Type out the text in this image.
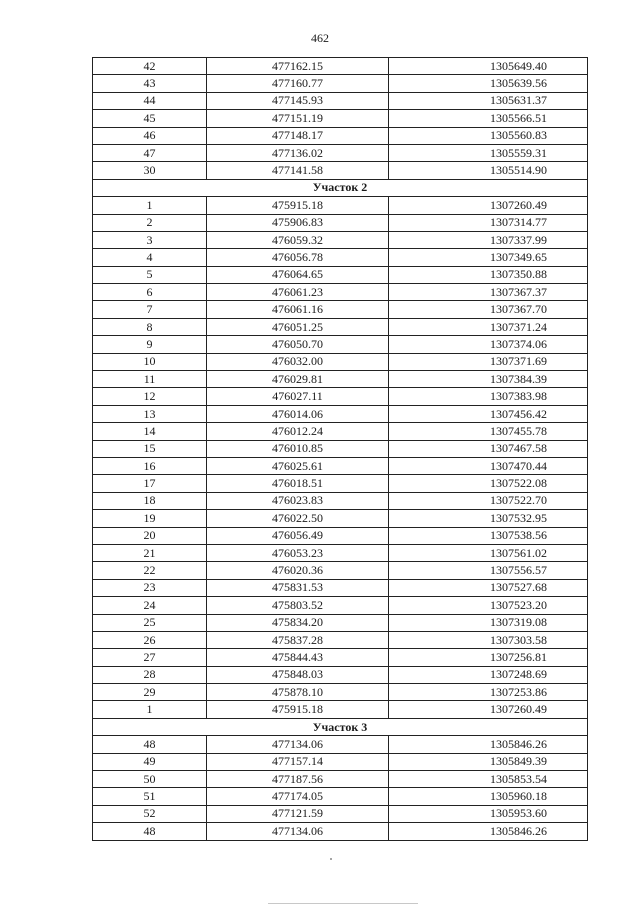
462
42	477162.15	1305649.40
43	477160.77	1305639.56
44	477145.93	1305631.37
45	477151.19	1305566.51
46	477148.17	1305560.83
47	477136.02	1305559.31
30	477141.58	1305514.90
Участок 2		
1	475915.18	1307260.49
2	475906.83	1307314.77
3	476059.32	1307337.99
4	476056.78	1307349.65
5	476064.65	1307350.88
6	476061.23	1307367.37
7	476061.16	1307367.70
8	476051.25	1307371.24
9	476050.70	1307374.06
10	476032.00	1307371.69
11	476029.81	1307384.39
12	476027.11	1307383.98
13	476014.06	1307456.42
14	476012.24	1307455.78
15	476010.85	1307467.58
16	476025.61	1307470.44
17	476018.51	1307522.08
18	476023.83	1307522.70
19	476022.50	1307532.95
20	476056.49	1307538.56
21	476053.23	1307561.02
22	476020.36	1307556.57
23	475831.53	1307527.68
24	475803.52	1307523.20
25	475834.20	1307319.08
26	475837.28	1307303.58
27	475844.43	1307256.81
28	475848.03	1307248.69
29	475878.10	1307253.86
1	475915.18	1307260.49
Участок 3		
48	477134.06	1305846.26
49	477157.14	1305849.39
50	477187.56	1305853.54
51	477174.05	1305960.18
52	477121.59	1305953.60
48	477134.06	1305846.26
